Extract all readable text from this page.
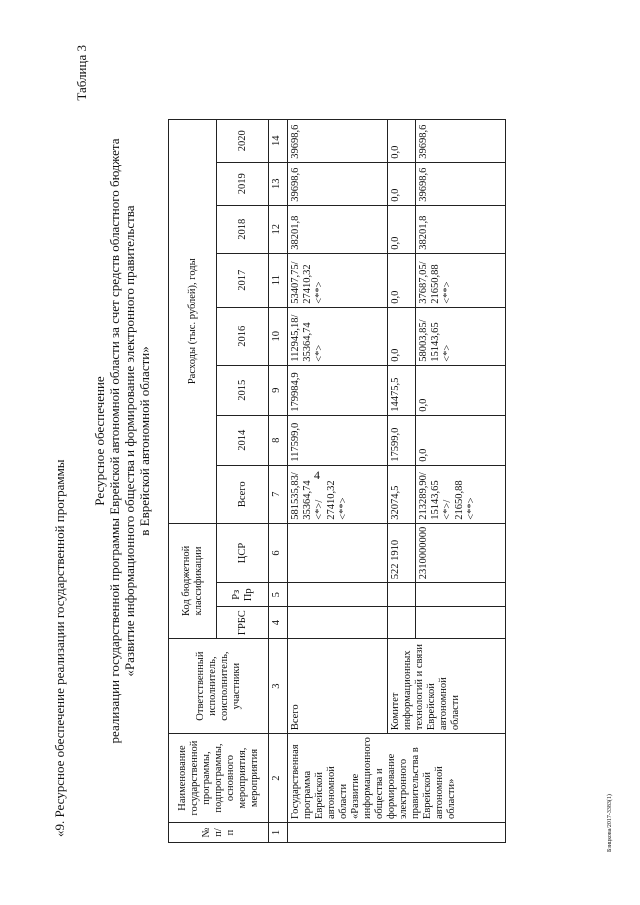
4
Бзицкова/2017-3383(1)
«9. Ресурсное обеспечение реализации государственной программы
Таблица 3
Ресурсное обеспечение реализации государственной программы Еврейской автономной области за счет средств областного бюджета «Развитие информационного общества и формирование электронного правительства в Еврейской автономной области»
№ п/п	Наименование государственной программы, подпрограммы, основного мероприятия, мероприятия	Ответственный исполнитель, соисполнитель, участники	Код бюджетной классификации			Расходы (тыс. рублей), годы							
			ГРБС	Рз Пр	ЦСР	Всего	2014	2015	2016	2017	2018	2019	2020
1	2	3	4	5	6	7	8	9	10	11	12	13	14
	Государственная программа Еврейской автономной области «Развитие информационного общества и формирование электронного правительства в Еврейской автономной области»	Всего				581535,83/ 35364,74 <*>/ 27410,32 <**>	117599,0	179984,9	112945,18/ 35364,74 <*>	53407,75/ 27410,32 <**>	38201,8	39698,6	39698,6
		Комитет информационных технологий и связи Еврейской автономной области			522 1910	32074,5	17599,0	14475,5	0,0	0,0	0,0	0,0	0,0
					2310000000	213289,90/ 15143,65 <*>/ 21650,88 <**>	0,0	0,0	58003,85/ 15143,65 <*>	37687,05/ 21650,88 <**>	38201,8	39698,6	39698,6
